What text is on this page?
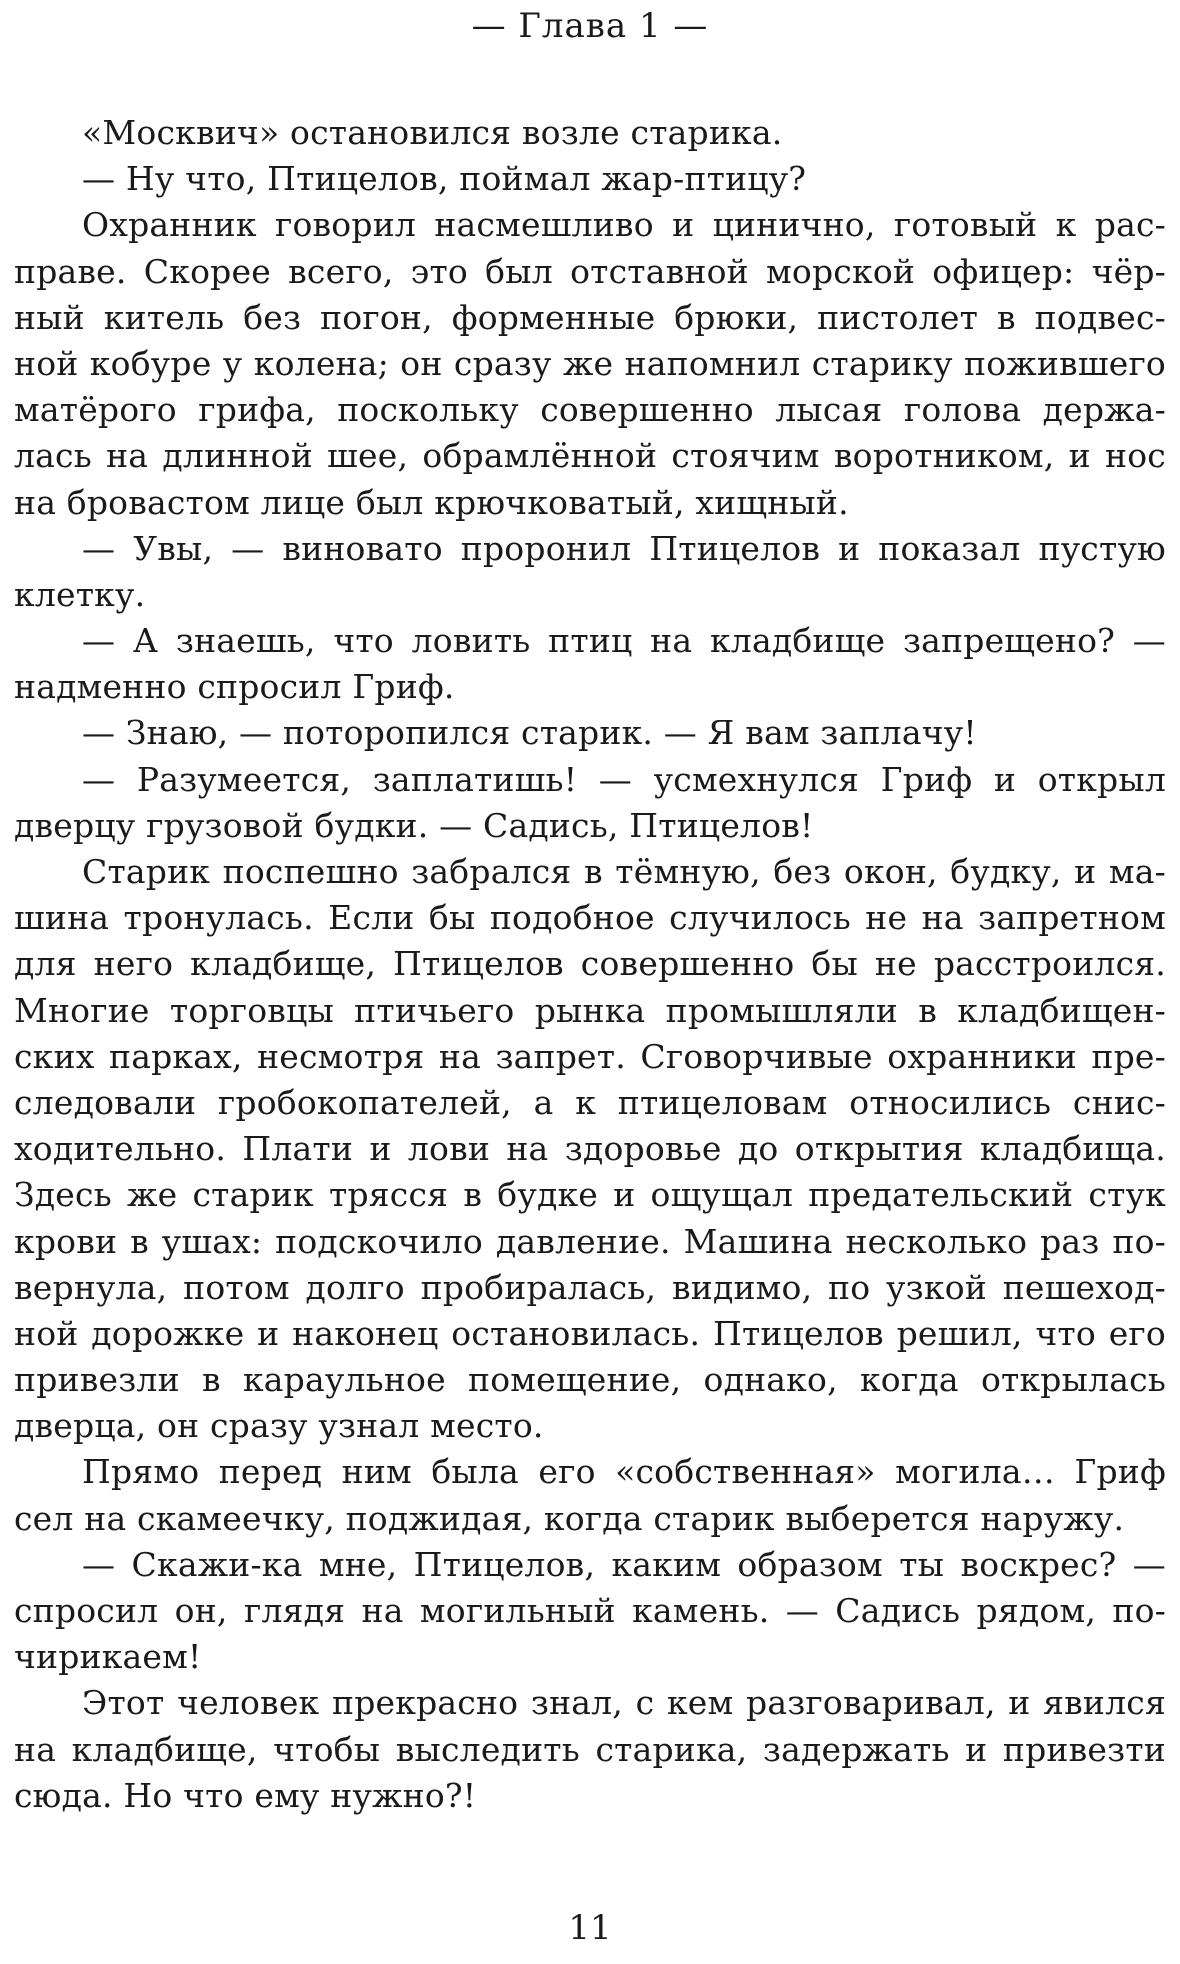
— Глава 1 —
«Москвич» остановился возле старика.
— Ну что, Птицелов, поймал жар-птицу?
Охранник говорил насмешливо и цинично, готовый к рас-
праве. Скорее всего, это был отставной морской офицер: чёр-
ный китель без погон, форменные брюки, пистолет в подвес-
ной кобуре у колена; он сразу же напомнил старику пожившего
матёрого грифа, поскольку совершенно лысая голова держа-
лась на длинной шее, обрамлённой стоячим воротником, и нос
на бровастом лице был крючковатый, хищный.
— Увы, — виновато проронил Птицелов и показал пустую
клетку.
— А знаешь, что ловить птиц на кладбище запрещено? —
надменно спросил Гриф.
— Знаю, — поторопился старик. — Я вам заплачу!
— Разумеется, заплатишь! — усмехнулся Гриф и открыл
дверцу грузовой будки. — Садись, Птицелов!
Старик поспешно забрался в тёмную, без окон, будку, и ма-
шина тронулась. Если бы подобное случилось не на запретном
для него кладбище, Птицелов совершенно бы не расстроился.
Многие торговцы птичьего рынка промышляли в кладбищен-
ских парках, несмотря на запрет. Сговорчивые охранники пре-
следовали гробокопателей, а к птицеловам относились снис-
ходительно. Плати и лови на здоровье до открытия кладбища.
Здесь же старик трясся в будке и ощущал предательский стук
крови в ушах: подскочило давление. Машина несколько раз по-
вернула, потом долго пробиралась, видимо, по узкой пешеход-
ной дорожке и наконец остановилась. Птицелов решил, что его
привезли в караульное помещение, однако, когда открылась
дверца, он сразу узнал место.
Прямо перед ним была его «собственная» могила… Гриф
сел на скамеечку, поджидая, когда старик выберется наружу.
— Скажи-ка мне, Птицелов, каким образом ты воскрес? —
спросил он, глядя на могильный камень. — Садись рядом, по-
чирикаем!
Этот человек прекрасно знал, с кем разговаривал, и явился
на кладбище, чтобы выследить старика, задержать и привезти
сюда. Но что ему нужно?!
11
